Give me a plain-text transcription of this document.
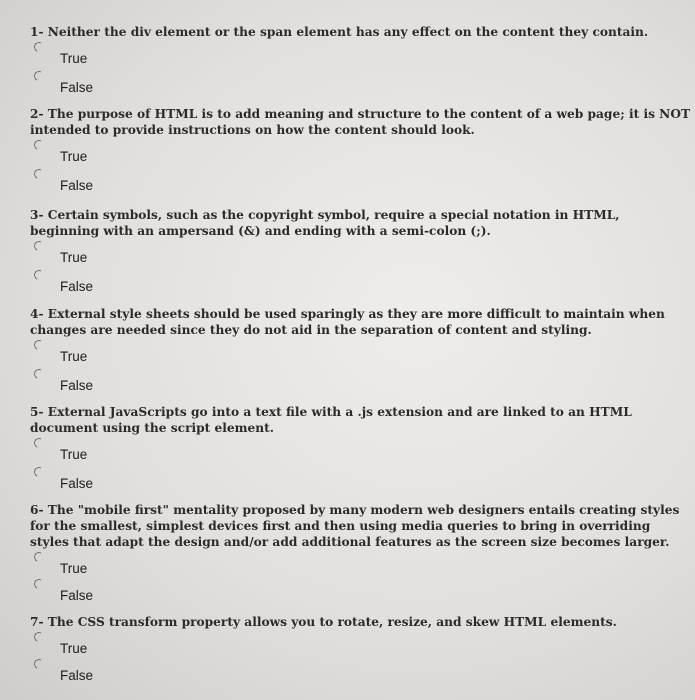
1- Neither the div element or the span element has any effect on the content they contain.
True
False
2- The purpose of HTML is to add meaning and structure to the content of a web page; it is NOT intended to provide instructions on how the content should look.
True
False
3- Certain symbols, such as the copyright symbol, require a special notation in HTML, beginning with an ampersand (&) and ending with a semi-colon (;).
True
False
4- External style sheets should be used sparingly as they are more difficult to maintain when changes are needed since they do not aid in the separation of content and styling.
True
False
5- External JavaScripts go into a text file with a .js extension and are linked to an HTML document using the script element.
True
False
6- The "mobile first" mentality proposed by many modern web designers entails creating styles for the smallest, simplest devices first and then using media queries to bring in overriding styles that adapt the design and/or add additional features as the screen size becomes larger.
True
False
7- The CSS transform property allows you to rotate, resize, and skew HTML elements.
True
False
